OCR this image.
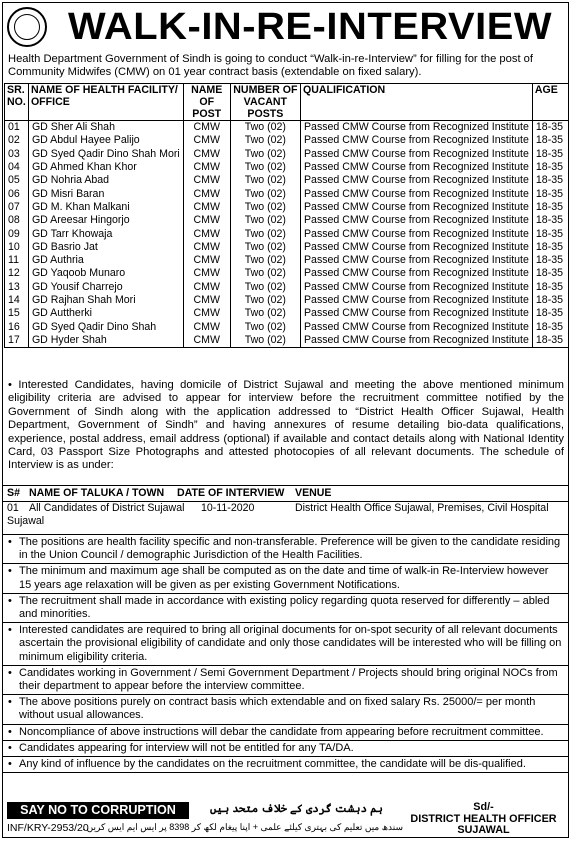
WALK-IN-RE-INTERVIEW
Health Department Government of Sindh is going to conduct “Walk-in-re-Interview” for filling for the post of Community Midwifes (CMW) on 01 year contract basis (extendable on fixed salary).
SR. NO.	NAME OF HEALTH FACILITY/ OFFICE	NAME OF POST	NUMBER OF VACANT POSTS	QUALIFICATION	AGE
01	GD Sher Ali Shah	CMW	Two (02)	Passed CMW Course from Recognized Institute	18-35
02	GD Abdul Hayee Palijo	CMW	Two (02)	Passed CMW Course from Recognized Institute	18-35
03	GD Syed Qadir Dino Shah Mori	CMW	Two (02)	Passed CMW Course from Recognized Institute	18-35
04	GD Ahmed Khan Khor	CMW	Two (02)	Passed CMW Course from Recognized Institute	18-35
05	GD Nohria Abad	CMW	Two (02)	Passed CMW Course from Recognized Institute	18-35
06	GD Misri Baran	CMW	Two (02)	Passed CMW Course from Recognized Institute	18-35
07	GD M. Khan Malkani	CMW	Two (02)	Passed CMW Course from Recognized Institute	18-35
08	GD Areesar Hingorjo	CMW	Two (02)	Passed CMW Course from Recognized Institute	18-35
09	GD Tarr Khowaja	CMW	Two (02)	Passed CMW Course from Recognized Institute	18-35
10	GD Basrio Jat	CMW	Two (02)	Passed CMW Course from Recognized Institute	18-35
11	GD Authria	CMW	Two (02)	Passed CMW Course from Recognized Institute	18-35
12	GD Yaqoob Munaro	CMW	Two (02)	Passed CMW Course from Recognized Institute	18-35
13	GD Yousif Charrejo	CMW	Two (02)	Passed CMW Course from Recognized Institute	18-35
14	GD Rajhan Shah Mori	CMW	Two (02)	Passed CMW Course from Recognized Institute	18-35
15	GD Auttherki	CMW	Two (02)	Passed CMW Course from Recognized Institute	18-35
16	GD Syed Qadir Dino Shah	CMW	Two (02)	Passed CMW Course from Recognized Institute	18-35
17	GD Hyder Shah	CMW	Two (02)	Passed CMW Course from Recognized Institute	18-35
• Interested Candidates, having domicile of District Sujawal and meeting the above mentioned minimum eligibility criteria are advised to appear for interview before the recruitment committee notified by the Government of Sindh along with the application addressed to “District Health Officer Sujawal, Health Department, Government of Sindh” and having annexures of resume detailing bio-data qualifications, experience, postal address, email address (optional) if available and contact details along with National Identity Card, 03 Passport Size Photographs and attested photocopies of all relevant documents. The schedule of Interview is as under:
S# NAME OF TALUKA / TOWN DATE OF INTERVIEW VENUE
01 All Candidates of District Sujawal 10-11-2020	District Health Office Sujawal, Premises, Civil Hospital
Sujawal
• The positions are health facility specific and non-transferable. Preference will be given to the candidate residing in the Union Council / demographic Jurisdiction of the Health Facilities.
• The minimum and maximum age shall be computed as on the date and time of walk-in Re-Interview however 15 years age relaxation will be given as per existing Government Notifications.
• The recruitment shall made in accordance with existing policy regarding quota reserved for differently – abled and minorities.
• Interested candidates are required to bring all original documents for on-spot security of all relevant documents ascertain the provisional eligibility of candidate and only those candidates will be interested who will be filling on minimum eligibility criteria.
• Candidates working in Government / Semi Government Department / Projects should bring original NOCs from their department to appear before the interview committee.
• The above positions purely on contract basis which extendable and on fixed salary Rs. 25000/= per month without usual allowances.
• Noncompliance of above instructions will debar the candidate from appearing before recruitment committee.
• Candidates appearing for interview will not be entitled for any TA/DA.
• Any kind of influence by the candidates on the recruitment committee, the candidate will be dis-qualified.
SAY NO TO CORRUPTION	ہم دہشت گردی کے خلاف متحد ہیں
سندھ میں تعلیم کی بہتری کیلئے علمی + اپنا پیغام لکھ کر 8398 پر ایس ایم ایس کریں۔
INF/KRY-2953/20
Sd/-
DISTRICT HEALTH OFFICER
SUJAWAL
